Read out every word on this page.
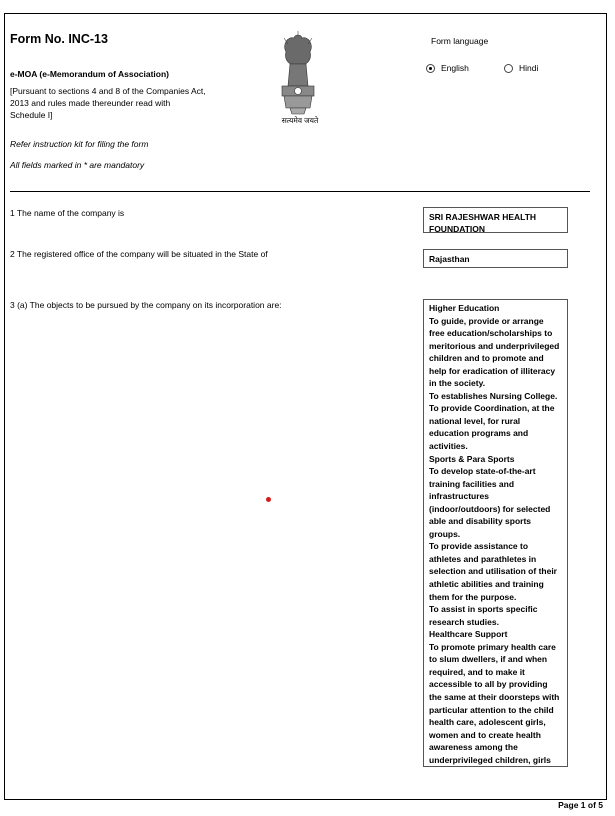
Form No. INC-13
e-MOA (e-Memorandum of Association)
[Pursuant to sections 4 and 8 of the Companies Act,
2013 and rules made thereunder read with
Schedule I]
Refer instruction kit for filing the form
All fields marked in * are mandatory
सत्यमेव जयते
Form language
English	Hindi
1 The name of the company is	SRI RAJESHWAR HEALTH
FOUNDATION
2 The registered office of the company will be situated in the State of	Rajasthan
3 (a) The objects to be pursued by the company on its incorporation are:	Higher Education
To guide, provide or arrange
free education/scholarships to
meritorious and underprivileged
children and to promote and
help for eradication of illiteracy
in the society.
To establishes Nursing College.
To provide Coordination, at the
national level, for rural
education programs and
activities.
Sports & Para Sports
To develop state-of-the-art
training facilities and
infrastructures
(indoor/outdoors) for selected
able and disability sports
groups.
To provide assistance to
athletes and parathletes in
selection and utilisation of their
athletic abilities and training
them for the purpose.
To assist in sports specific
research studies.
Healthcare Support
To promote primary health care
to slum dwellers, if and when
required, and to make it
accessible to all by providing
the same at their doorsteps with
particular attention to the child
health care, adolescent girls,
women and to create health
awareness among the
underprivileged children, girls
Page 1 of 5
